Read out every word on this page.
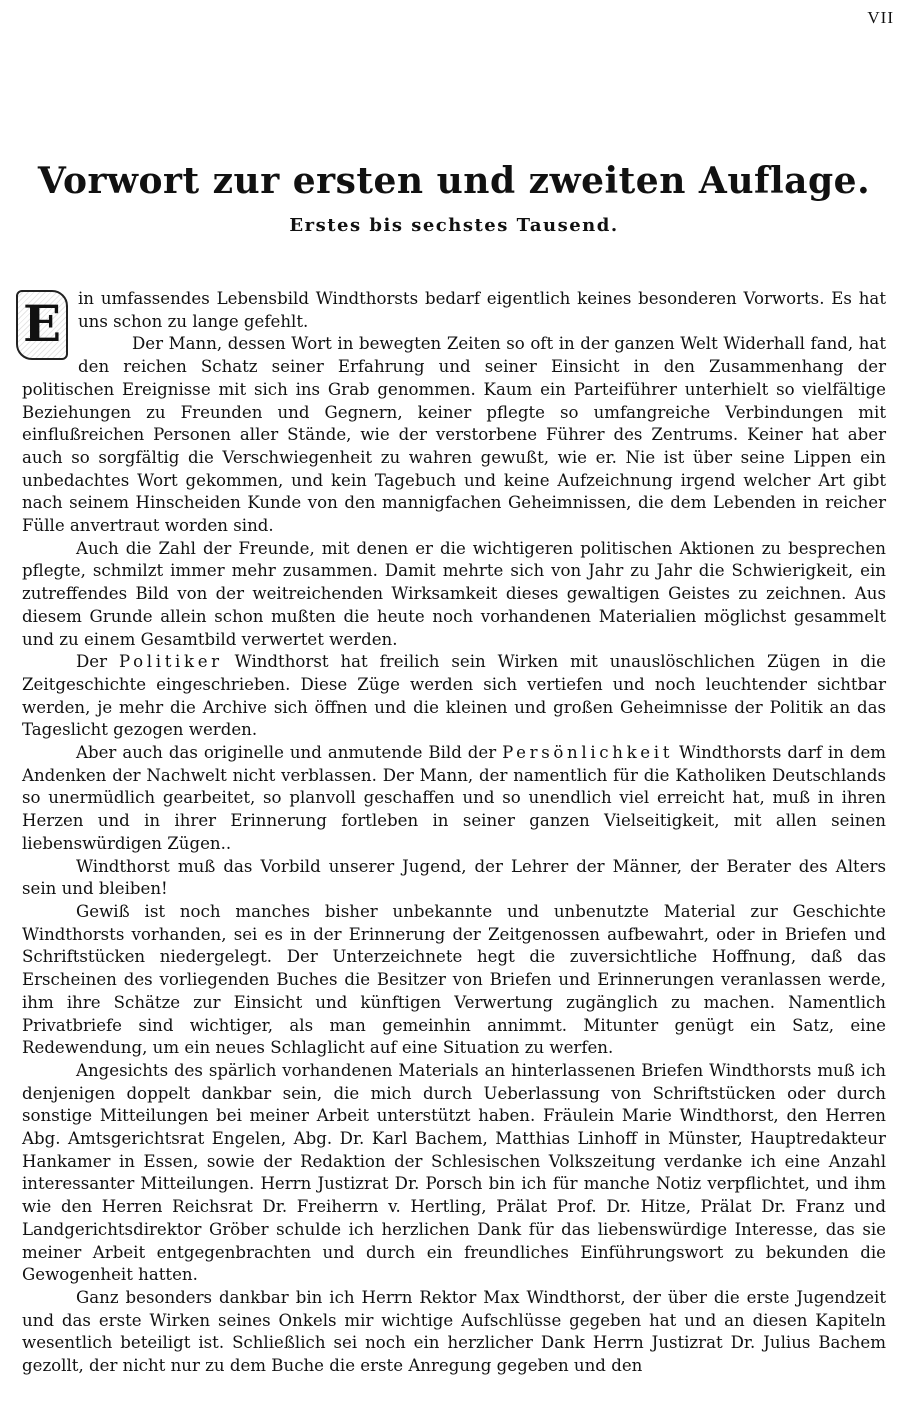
VII
Vorwort zur ersten und zweiten Auflage.
Erstes bis sechstes Tausend.

E in umfassendes Lebensbild Windthorsts bedarf eigentlich keines besonderen Vorworts. Es hat uns schon zu lange gefehlt.

Der Mann, dessen Wort in bewegten Zeiten so oft in der ganzen Welt Widerhall fand, hat den reichen Schatz seiner Erfahrung und seiner Einsicht in den Zusammenhang der politischen Ereignisse mit sich ins Grab genommen. Kaum ein Parteiführer unterhielt so vielfältige Beziehungen zu Freunden und Gegnern, keiner pflegte so umfangreiche Verbindungen mit einflußreichen Personen aller Stände, wie der verstorbene Führer des Zentrums. Keiner hat aber auch so sorgfältig die Verschwiegenheit zu wahren gewußt, wie er. Nie ist über seine Lippen ein unbedachtes Wort gekommen, und kein Tagebuch und keine Aufzeichnung irgend welcher Art gibt nach seinem Hinscheiden Kunde von den mannigfachen Geheimnissen, die dem Lebenden in reicher Fülle anvertraut worden sind.

Auch die Zahl der Freunde, mit denen er die wichtigeren politischen Aktionen zu besprechen pflegte, schmilzt immer mehr zusammen. Damit mehrte sich von Jahr zu Jahr die Schwierigkeit, ein zutreffendes Bild von der weitreichenden Wirksamkeit dieses gewaltigen Geistes zu zeichnen. Aus diesem Grunde allein schon mußten die heute noch vorhandenen Materialien möglichst gesammelt und zu einem Gesamtbild verwertet werden.

Der Politiker Windthorst hat freilich sein Wirken mit unauslöschlichen Zügen in die Zeitgeschichte eingeschrieben. Diese Züge werden sich vertiefen und noch leuchtender sichtbar werden, je mehr die Archive sich öffnen und die kleinen und großen Geheimnisse der Politik an das Tageslicht gezogen werden.

Aber auch das originelle und anmutende Bild der Persönlichkeit Windthorsts darf in dem Andenken der Nachwelt nicht verblassen. Der Mann, der namentlich für die Katholiken Deutschlands so unermüdlich gearbeitet, so planvoll geschaffen und so unendlich viel erreicht hat, muß in ihren Herzen und in ihrer Erinnerung fortleben in seiner ganzen Vielseitigkeit, mit allen seinen liebenswürdigen Zügen..

Windthorst muß das Vorbild unserer Jugend, der Lehrer der Männer, der Berater des Alters sein und bleiben!

Gewiß ist noch manches bisher unbekannte und unbenutzte Material zur Geschichte Windthorsts vorhanden, sei es in der Erinnerung der Zeitgenossen aufbewahrt, oder in Briefen und Schriftstücken niedergelegt. Der Unterzeichnete hegt die zuversichtliche Hoffnung, daß das Erscheinen des vorliegenden Buches die Besitzer von Briefen und Erinnerungen veranlassen werde, ihm ihre Schätze zur Einsicht und künftigen Verwertung zugänglich zu machen. Namentlich Privatbriefe sind wichtiger, als man gemeinhin annimmt. Mitunter genügt ein Satz, eine Redewendung, um ein neues Schlaglicht auf eine Situation zu werfen.

Angesichts des spärlich vorhandenen Materials an hinterlassenen Briefen Windthorsts muß ich denjenigen doppelt dankbar sein, die mich durch Ueberlassung von Schriftstücken oder durch sonstige Mitteilungen bei meiner Arbeit unterstützt haben. Fräulein Marie Windthorst, den Herren Abg. Amtsgerichtsrat Engelen, Abg. Dr. Karl Bachem, Matthias Linhoff in Münster, Hauptredakteur Hankamer in Essen, sowie der Redaktion der Schlesischen Volkszeitung verdanke ich eine Anzahl interessanter Mitteilungen. Herrn Justizrat Dr. Porsch bin ich für manche Notiz verpflichtet, und ihm wie den Herren Reichsrat Dr. Freiherrn v. Hertling, Prälat Prof. Dr. Hitze, Prälat Dr. Franz und Landgerichtsdirektor Gröber schulde ich herzlichen Dank für das liebenswürdige Interesse, das sie meiner Arbeit entgegenbrachten und durch ein freundliches Einführungswort zu bekunden die Gewogenheit hatten.

Ganz besonders dankbar bin ich Herrn Rektor Max Windthorst, der über die erste Jugendzeit und das erste Wirken seines Onkels mir wichtige Aufschlüsse gegeben hat und an diesen Kapiteln wesentlich beteiligt ist. Schließlich sei noch ein herzlicher Dank Herrn Justizrat Dr. Julius Bachem gezollt, der nicht nur zu dem Buche die erste Anregung gegeben und den
